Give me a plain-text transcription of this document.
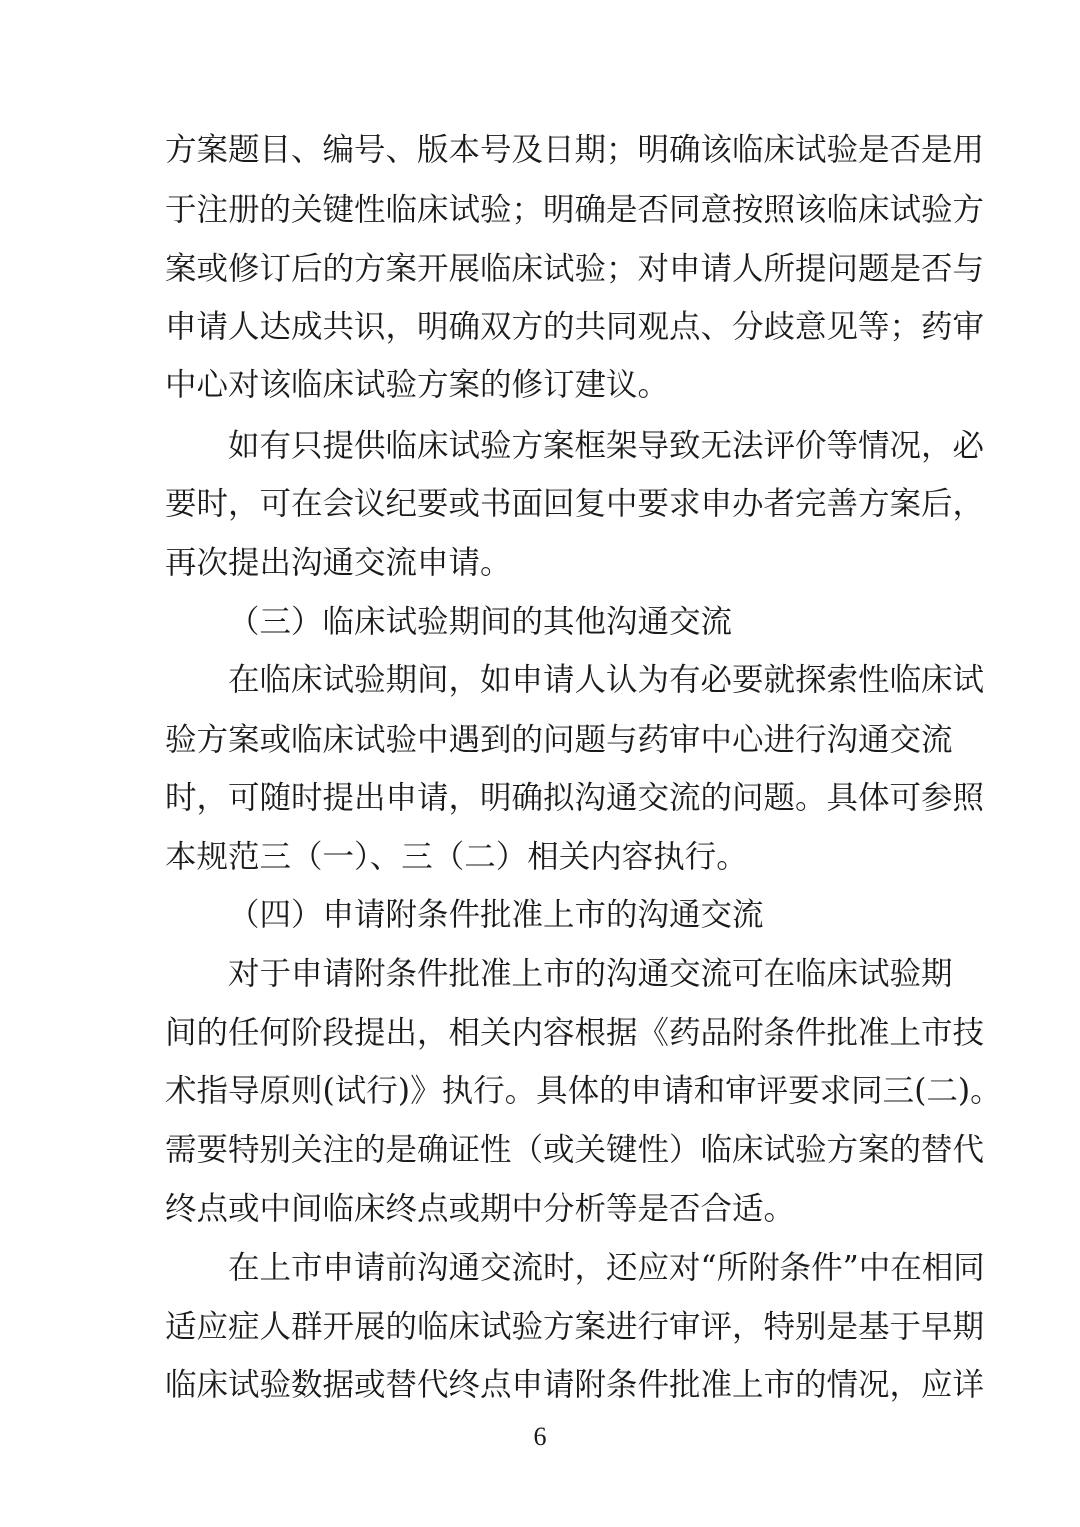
方案题目、编号、版本号及日期；明确该临床试验是否是用
于注册的关键性临床试验；明确是否同意按照该临床试验方
案或修订后的方案开展临床试验；对申请人所提问题是否与
申请人达成共识，明确双方的共同观点、分歧意见等；药审
中心对该临床试验方案的修订建议。
如有只提供临床试验方案框架导致无法评价等情况，必
要时，可在会议纪要或书面回复中要求申办者完善方案后，
再次提出沟通交流申请。
（三）临床试验期间的其他沟通交流
在临床试验期间，如申请人认为有必要就探索性临床试
验方案或临床试验中遇到的问题与药审中心进行沟通交流
时，可随时提出申请，明确拟沟通交流的问题。具体可参照
本规范三（一）、三（二）相关内容执行。
（四）申请附条件批准上市的沟通交流
对于申请附条件批准上市的沟通交流可在临床试验期
间的任何阶段提出，相关内容根据《药品附条件批准上市技
术指导原则(试行)》执行。具体的申请和审评要求同三(二)。
需要特别关注的是确证性（或关键性）临床试验方案的替代
终点或中间临床终点或期中分析等是否合适。
在上市申请前沟通交流时，还应对“所附条件”中在相同
适应症人群开展的临床试验方案进行审评，特别是基于早期
临床试验数据或替代终点申请附条件批准上市的情况，应详
6
